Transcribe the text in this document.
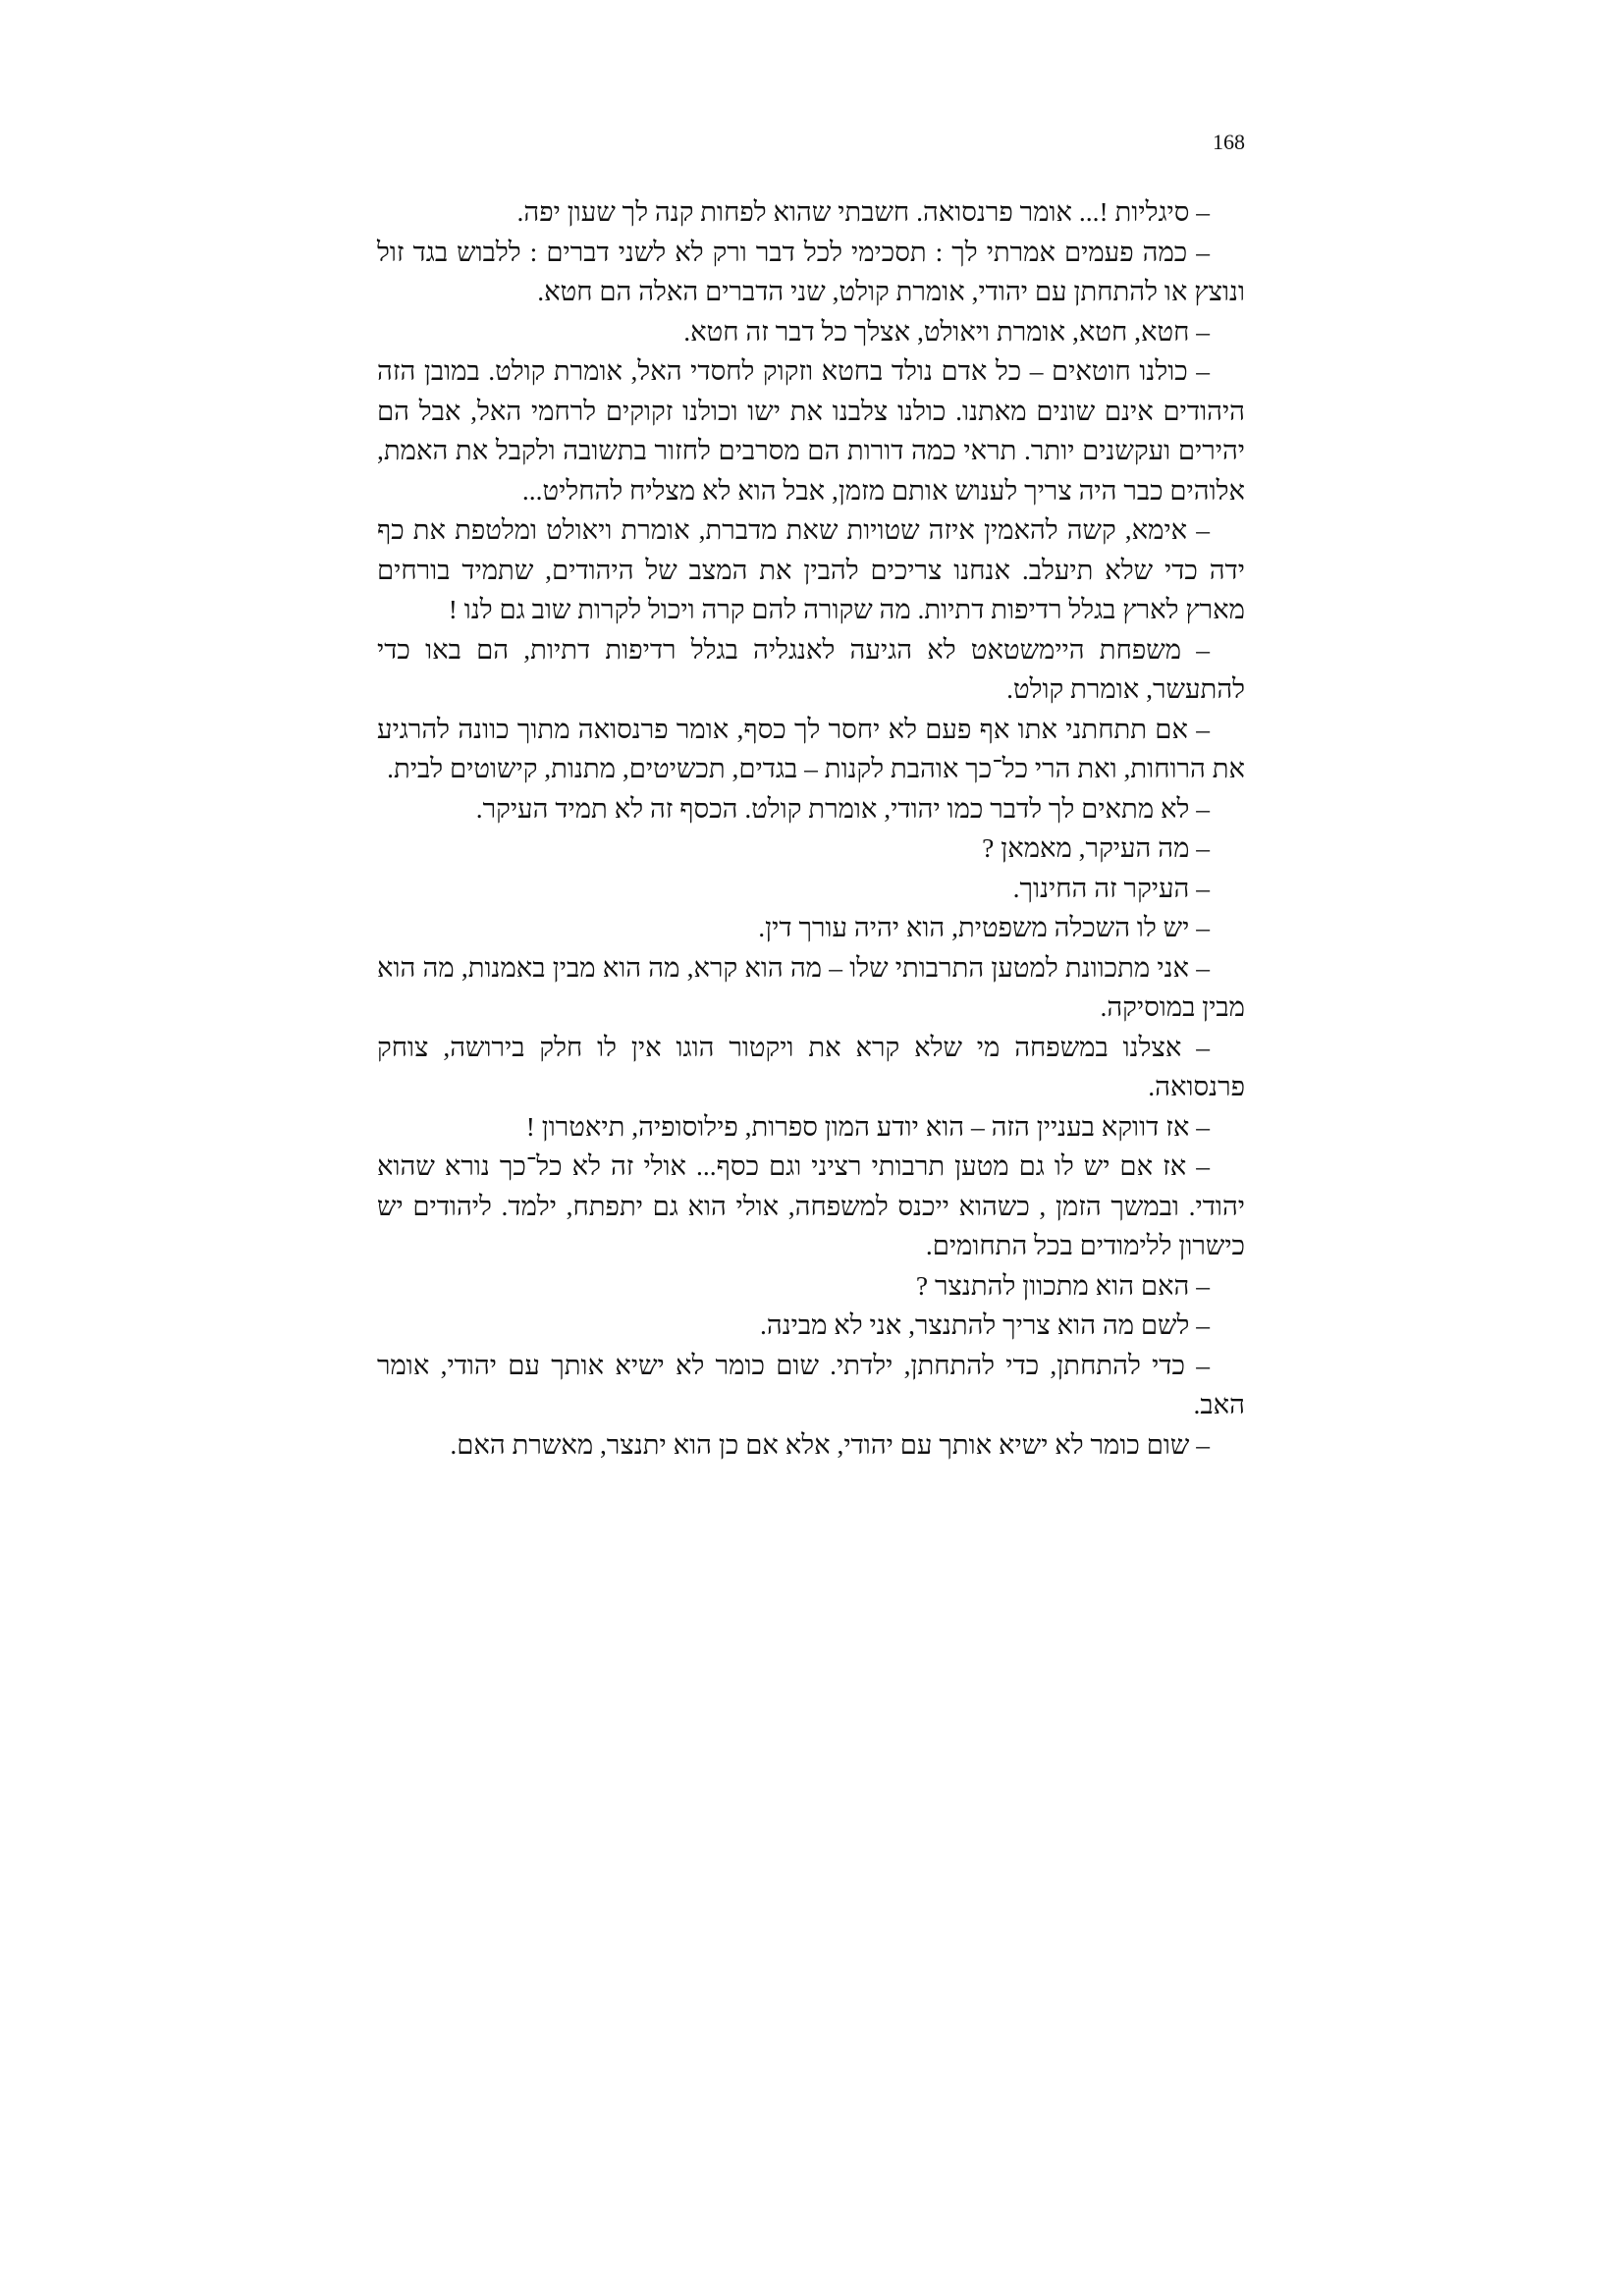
168

– סיגליות !... אומר פרנסואה. חשבתי שהוא לפחות קנה לך שעון יפה.

– כמה פעמים אמרתי לך : תסכימי לכל דבר ורק לא לשני דברים : ללבוש בגד זול ונוצץ או להתחתן עם יהודי, אומרת קולט, שני הדברים האלה הם חטא.

– חטא, חטא, אומרת ויאולט, אצלך כל דבר זה חטא.

– כולנו חוטאים – כל אדם נולד בחטא וזקוק לחסדי האל, אומרת קולט. במובן הזה היהודים אינם שונים מאתנו. כולנו צלבנו את ישו וכולנו זקוקים לרחמי האל, אבל הם יהירים ועקשנים יותר. תראי כמה דורות הם מסרבים לחזור בתשובה ולקבל את האמת, אלוהים כבר היה צריך לענוש אותם מזמן, אבל הוא לא מצליח להחליט...

– אימא, קשה להאמין איזה שטויות שאת מדברת, אומרת ויאולט ומלטפת את כף ידה כדי שלא תיעלב. אנחנו צריכים להבין את המצב של היהודים, שתמיד בורחים מארץ לארץ בגלל רדיפות דתיות. מה שקורה להם קרה ויכול לקרות שוב גם לנו !

– משפחת היימשטאט לא הגיעה לאנגליה בגלל רדיפות דתיות, הם באו כדי להתעשר, אומרת קולט.

– אם תתחתני אתו אף פעם לא יחסר לך כסף, אומר פרנסואה מתוך כוונה להרגיע את הרוחות, ואת הרי כל־כך אוהבת לקנות – בגדים, תכשיטים, מתנות, קישוטים לבית.

– לא מתאים לך לדבר כמו יהודי, אומרת קולט. הכסף זה לא תמיד העיקר.

– מה העיקר, מאמאן ?

– העיקר זה החינוך.

– יש לו השכלה משפטית, הוא יהיה עורך דין.

– אני מתכוונת למטען התרבותי שלו – מה הוא קרא, מה הוא מבין באמנות, מה הוא מבין במוסיקה.

– אצלנו במשפחה מי שלא קרא את ויקטור הוגו אין לו חלק בירושה, צוחק פרנסואה.

– אז דווקא בעניין הזה – הוא יודע המון ספרות, פילוסופיה, תיאטרון !

– אז אם יש לו גם מטען תרבותי רציני וגם כסף... אולי זה לא כל־כך נורא שהוא יהודי. ובמשך הזמן , כשהוא ייכנס למשפחה, אולי הוא גם יתפתח, ילמד. ליהודים יש כישרון ללימודים בכל התחומים.

– האם הוא מתכוון להתנצר ?

– לשם מה הוא צריך להתנצר, אני לא מבינה.

– כדי להתחתן, כדי להתחתן, ילדתי. שום כומר לא ישיא אותך עם יהודי, אומר האב.

– שום כומר לא ישיא אותך עם יהודי, אלא אם כן הוא יתנצר, מאשרת האם.
